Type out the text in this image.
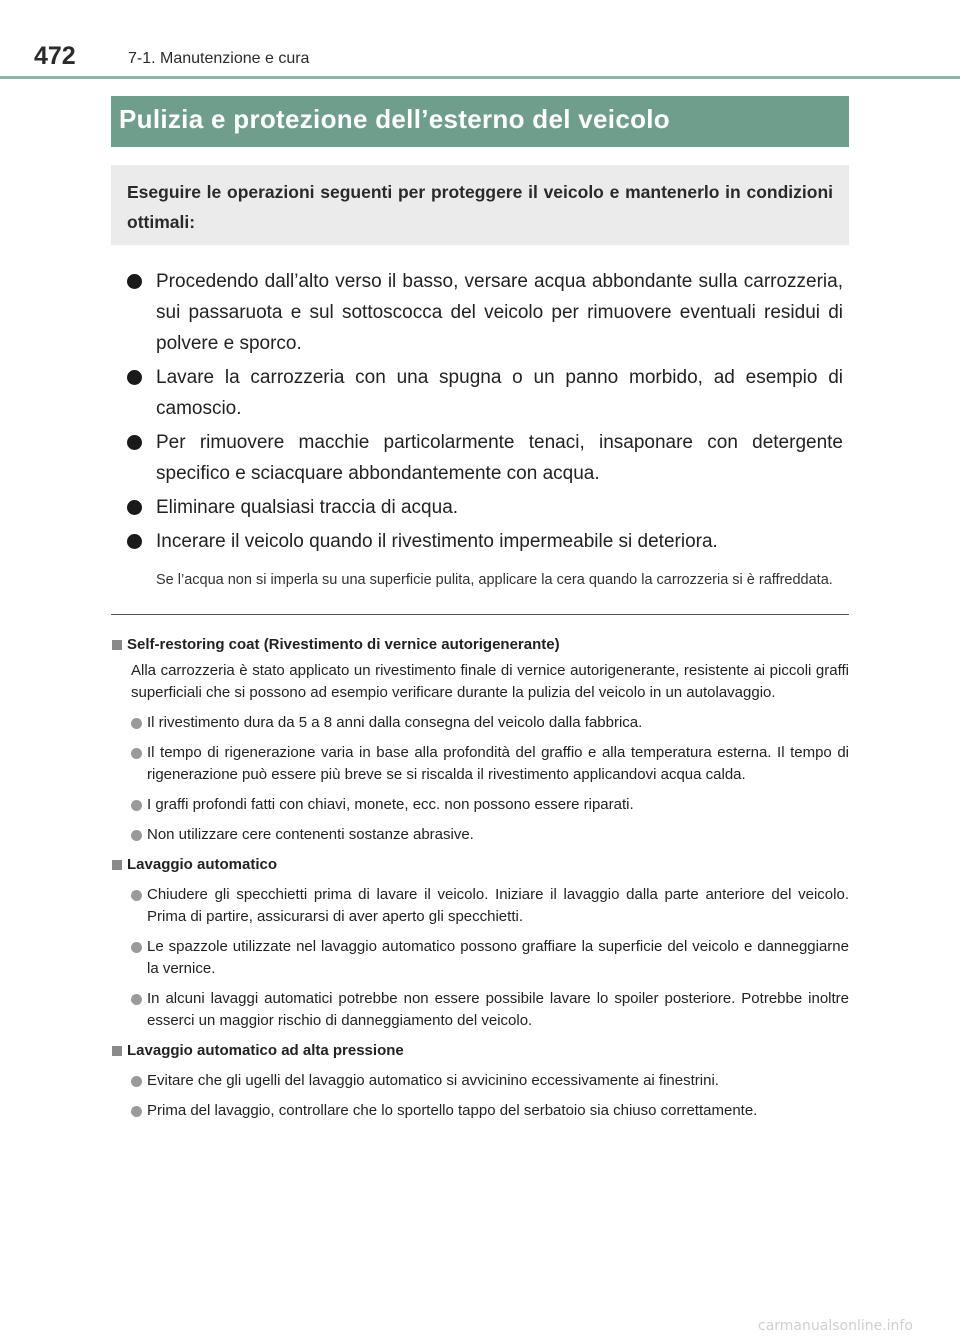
472	7-1. Manutenzione e cura
Pulizia e protezione dell’esterno del veicolo

Eseguire le operazioni seguenti per proteggere il veicolo e mantenerlo in condizioni ottimali:

Procedendo dall’alto verso il basso, versare acqua abbondante sulla carrozzeria, sui passaruota e sul sottoscocca del veicolo per rimuovere eventuali residui di polvere e sporco.
Lavare la carrozzeria con una spugna o un panno morbido, ad esempio di camoscio.
Per rimuovere macchie particolarmente tenaci, insaponare con detergente specifico e sciacquare abbondantemente con acqua.
Eliminare qualsiasi traccia di acqua.
Incerare il veicolo quando il rivestimento impermeabile si deteriora.

Se l’acqua non si imperla su una superficie pulita, applicare la cera quando la carrozzeria si è raffreddata.

Self-restoring coat (Rivestimento di vernice autorigenerante)

Alla carrozzeria è stato applicato un rivestimento finale di vernice autorigenerante, resistente ai piccoli graffi superficiali che si possono ad esempio verificare durante la pulizia del veicolo in un autolavaggio.

Il rivestimento dura da 5 a 8 anni dalla consegna del veicolo dalla fabbrica.
Il tempo di rigenerazione varia in base alla profondità del graffio e alla temperatura esterna. Il tempo di rigenerazione può essere più breve se si riscalda il rivestimento applicandovi acqua calda.
I graffi profondi fatti con chiavi, monete, ecc. non possono essere riparati.
Non utilizzare cere contenenti sostanze abrasive.
Lavaggio automatico
Chiudere gli specchietti prima di lavare il veicolo. Iniziare il lavaggio dalla parte anteriore del veicolo. Prima di partire, assicurarsi di aver aperto gli specchietti.
Le spazzole utilizzate nel lavaggio automatico possono graffiare la superficie del veicolo e danneggiarne la vernice.
In alcuni lavaggi automatici potrebbe non essere possibile lavare lo spoiler posteriore. Potrebbe inoltre esserci un maggior rischio di danneggiamento del veicolo.
Lavaggio automatico ad alta pressione
Evitare che gli ugelli del lavaggio automatico si avvicinino eccessivamente ai finestrini.
Prima del lavaggio, controllare che lo sportello tappo del serbatoio sia chiuso correttamente.
carmanualsonline.info
